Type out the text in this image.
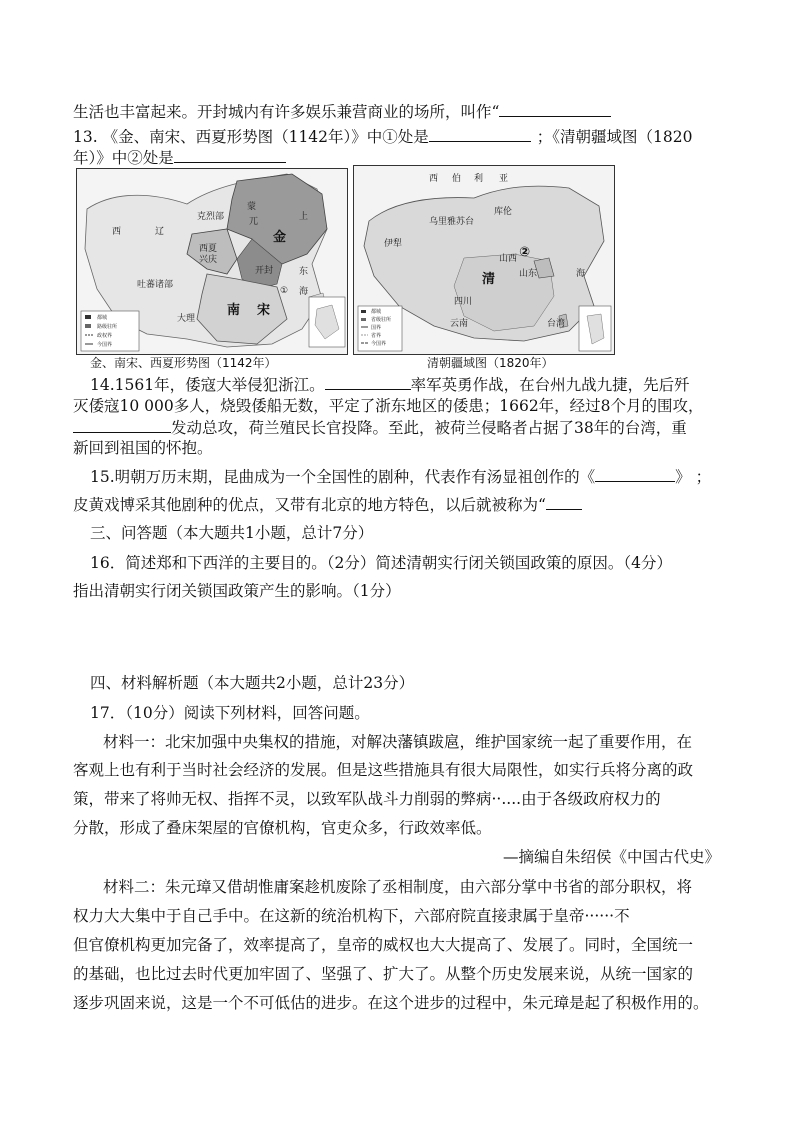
生活也丰富起来。开封城内有许多娱乐兼营商业的场所，叫作“
13. 《金、南宋、西夏形势图（1142年）》中①处是	；《清朝疆域图（1820
年）》中②处是
都城
路级驻所
政权界
今国界
西	辽
克烈部
蒙
兀
金
上
西夏
兴庆
开封
吐蕃诸部
大理
南 宋
东
海
①
金、南宋、西夏形势图（1142年）
都城
省级驻所
国界
省界
今国界
西 伯 利 亚
乌里雅苏台
库伦
伊犁
清
四川
山西
山东
云南	台湾
海
②
清朝疆域图（1820年）
14.1561年，倭寇大举侵犯浙江。	率军英勇作战，在台州九战九捷，先后歼
灭倭寇10 000多人，烧毁倭船无数，平定了浙东地区的倭患；1662年，经过8个月的围攻，
发动总攻，荷兰殖民长官投降。至此，被荷兰侵略者占据了38年的台湾，重
新回到祖国的怀抱。
15.明朝万历末期，昆曲成为一个全国性的剧种，代表作有汤显祖创作的《	》 ；
皮黄戏博采其他剧种的优点，又带有北京的地方特色，以后就被称为“
三、问答题（本大题共1小题，总计7分）
16．简述郑和下西洋的主要目的。（2分）简述清朝实行闭关锁国政策的原因。（4分）
指出清朝实行闭关锁国政策产生的影响。（1分）
四、材料解析题（本大题共2小题，总计23分）
17．（10分）阅读下列材料，回答问题。
材料一：北宋加强中央集权的措施，对解决藩镇跋扈，维护国家统一起了重要作用，在
客观上也有利于当时社会经济的发展。但是这些措施具有很大局限性，如实行兵将分离的政
策，带来了将帅无权、指挥不灵，以致军队战斗力削弱的弊病··....由于各级政府权力的
分散，形成了叠床架屋的官僚机构，官吏众多，行政效率低。
—摘编自朱绍侯《中国古代史》
材料二：朱元璋又借胡惟庸案趁机废除了丞相制度，由六部分掌中书省的部分职权，将
权力大大集中于自己手中。在这新的统治机构下，六部府院直接隶属于皇帝······不
但官僚机构更加完备了，效率提高了，皇帝的威权也大大提高了、发展了。同时，全国统一
的基础，也比过去时代更加牢固了、坚强了、扩大了。从整个历史发展来说，从统一国家的
逐步巩固来说，这是一个不可低估的进步。在这个进步的过程中，朱元璋是起了积极作用的。
